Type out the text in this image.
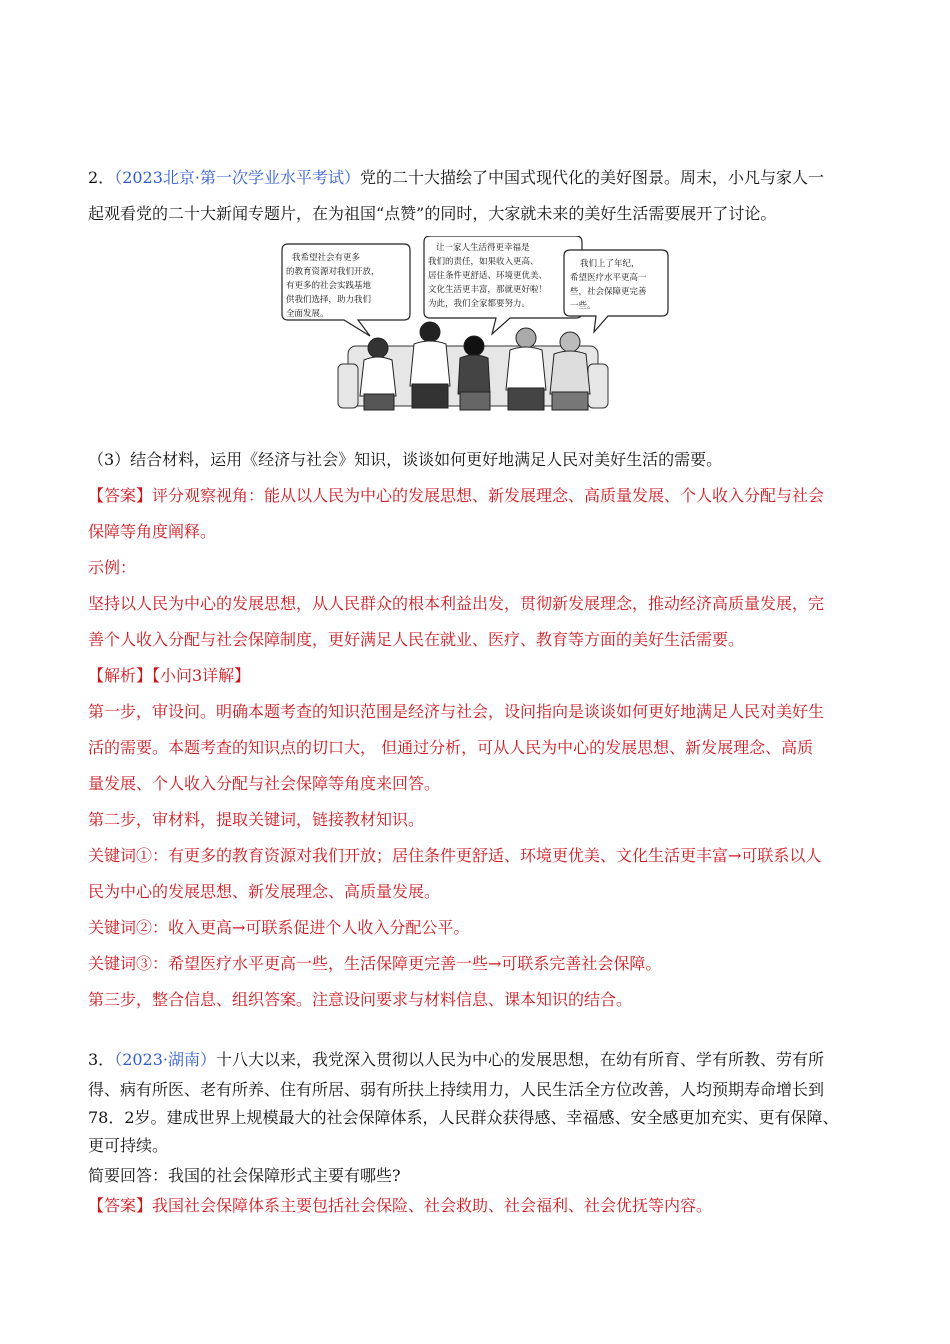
2．（2023北京·第一次学业水平考试）党的二十大描绘了中国式现代化的美好图景。周末，小凡与家人一
起观看党的二十大新闻专题片，在为祖国“点赞”的同时，大家就未来的美好生活需要展开了讨论。
我希望社会有更多
的教育资源对我们开放，
有更多的社会实践基地
供我们选择，助力我们
全面发展。
让一家人生活得更幸福是
我们的责任，如果收入更高、
居住条件更舒适、环境更优美、
文化生活更丰富，那就更好啦！
为此，我们全家都要努力。
我们上了年纪，
希望医疗水平更高一
些，社会保障更完善
一些。
（3）结合材料，运用《经济与社会》知识，谈谈如何更好地满足人民对美好生活的需要。
【答案】评分观察视角：能从以人民为中心的发展思想、新发展理念、高质量发展、个人收入分配与社会
保障等角度阐释。
示例：
坚持以人民为中心的发展思想，从人民群众的根本利益出发，贯彻新发展理念，推动经济高质量发展，完
善个人收入分配与社会保障制度，更好满足人民在就业、医疗、教育等方面的美好生活需要。
【解析】【小问3详解】
第一步，审设问。明确本题考查的知识范围是经济与社会，设问指向是谈谈如何更好地满足人民对美好生
活的需要。本题考查的知识点的切口大， 但通过分析，可从人民为中心的发展思想、新发展理念、高质
量发展、个人收入分配与社会保障等角度来回答。
第二步，审材料，提取关键词，链接教材知识。
关键词①：有更多的教育资源对我们开放；居住条件更舒适、环境更优美、文化生活更丰富→可联系以人
民为中心的发展思想、新发展理念、高质量发展。
关键词②：收入更高→可联系促进个人收入分配公平。
关键词③：希望医疗水平更高一些，生活保障更完善一些→可联系完善社会保障。
第三步，整合信息、组织答案。注意设问要求与材料信息、课本知识的结合。
3．（2023·湖南）十八大以来，我党深入贯彻以人民为中心的发展思想，在幼有所育、学有所教、劳有所
得、病有所医、老有所养、住有所居、弱有所扶上持续用力，人民生活全方位改善，人均预期寿命增长到
78．2岁。建成世界上规模最大的社会保障体系，人民群众获得感、幸福感、安全感更加充实、更有保障、
更可持续。
简要回答：我国的社会保障形式主要有哪些?
【答案】我国社会保障体系主要包括社会保险、社会救助、社会福利、社会优抚等内容。
